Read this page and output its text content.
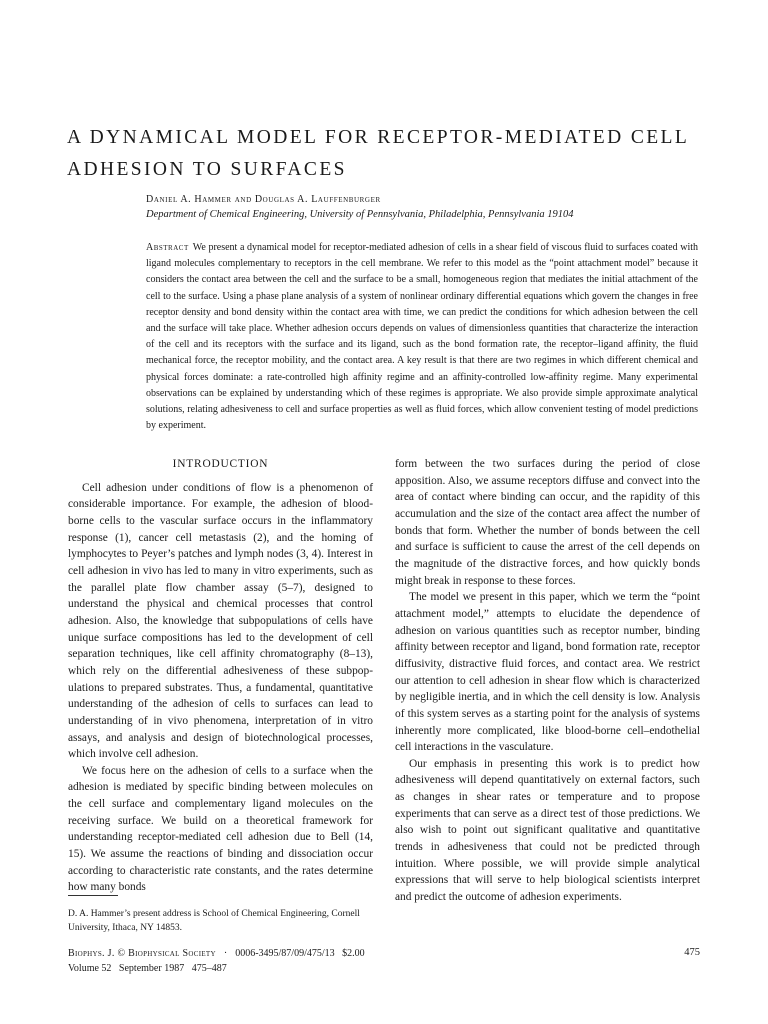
A DYNAMICAL MODEL FOR RECEPTOR-MEDIATED CELL
ADHESION TO SURFACES
Daniel A. Hammer and Douglas A. Lauffenburger
Department of Chemical Engineering, University of Pennsylvania, Philadelphia, Pennsylvania 19104

Abstract We present a dynamical model for receptor-mediated adhesion of cells in a shear field of viscous fluid to surfaces coated with ligand molecules complementary to receptors in the cell membrane. We refer to this model as the “point attachment model” because it considers the contact area between the cell and the surface to be a small, homogeneous region that mediates the initial attachment of the cell to the surface. Using a phase plane analysis of a system of nonlinear ordinary differential equations which govern the changes in free receptor density and bond density within the contact area with time, we can predict the conditions for which adhesion between the cell and the surface will take place. Whether adhesion occurs depends on values of dimensionless quantities that characterize the interaction of the cell and its receptors with the surface and its ligand, such as the bond formation rate, the receptor–ligand affinity, the fluid mechanical force, the receptor mobility, and the contact area. A key result is that there are two regimes in which different chemical and physical forces dominate: a rate-controlled high affinity regime and an affinity-controlled low-affinity regime. Many experimental observations can be explained by understanding which of these regimes is appropriate. We also provide simple approximate analytical solutions, relating adhesiveness to cell and surface properties as well as fluid forces, which allow convenient testing of model predictions by experiment.

INTRODUCTION

Cell adhesion under conditions of flow is a phenomenon of considerable importance. For example, the adhesion of blood-borne cells to the vascular surface occurs in the inflammatory response (1), cancer cell metastasis (2), and the homing of lymphocytes to Peyer’s patches and lymph nodes (3, 4). Interest in cell adhesion in vivo has led to many in vitro experiments, such as the parallel plate flow chamber assay (5–7), designed to understand the physical and chemical processes that control adhesion. Also, the knowledge that subpopulations of cells have unique surface compositions has led to the development of cell separation techniques, like cell affinity chromatography (8–13), which rely on the differential adhesiveness of these subpopulations to prepared substrates. Thus, a fundamental, quantitative understanding of the adhesion of cells to surfaces can lead to understanding of in vivo phenomena, interpretation of in vitro assays, and analysis and design of biotechnological processes, which involve cell adhesion.

We focus here on the adhesion of cells to a surface when the adhesion is mediated by specific binding between molecules on the cell surface and complementary ligand molecules on the receiving surface. We build on a theoretical framework for understanding receptor-mediated cell adhesion due to Bell (14, 15). We assume the reactions of binding and dissociation occur according to characteristic rate constants, and the rates determine how many bonds

form between the two surfaces during the period of close apposition. Also, we assume receptors diffuse and convect into the area of contact where binding can occur, and the rapidity of this accumulation and the size of the contact area affect the number of bonds that form. Whether the number of bonds between the cell and surface is sufficient to cause the arrest of the cell depends on the magnitude of the distractive forces, and how quickly bonds might break in response to these forces.

The model we present in this paper, which we term the “point attachment model,” attempts to elucidate the dependence of adhesion on various quantities such as receptor number, binding affinity between receptor and ligand, bond formation rate, receptor diffusivity, distractive fluid forces, and contact area. We restrict our attention to cell adhesion in shear flow which is characterized by negligible inertia, and in which the cell density is low. Analysis of this system serves as a starting point for the analysis of systems inherently more complicated, like blood-borne cell–endothelial cell interactions in the vasculature.

Our emphasis in presenting this work is to predict how adhesiveness will depend quantitatively on external factors, such as changes in shear rates or temperature and to propose experiments that can serve as a direct test of those predictions. We also wish to point out significant qualitative and quantitative trends in adhesiveness that could not be predicted through intuition. Where possible, we will provide simple analytical expressions that will serve to help biological scientists interpret and predict the outcome of adhesion experiments.

D. A. Hammer’s present address is School of Chemical Engineering, Cornell University, Ithaca, NY 14853.

Biophys. J. © Biophysical Society · 0006-3495/87/09/475/13   $2.00
Volume 52   September 1987   475–487
475
